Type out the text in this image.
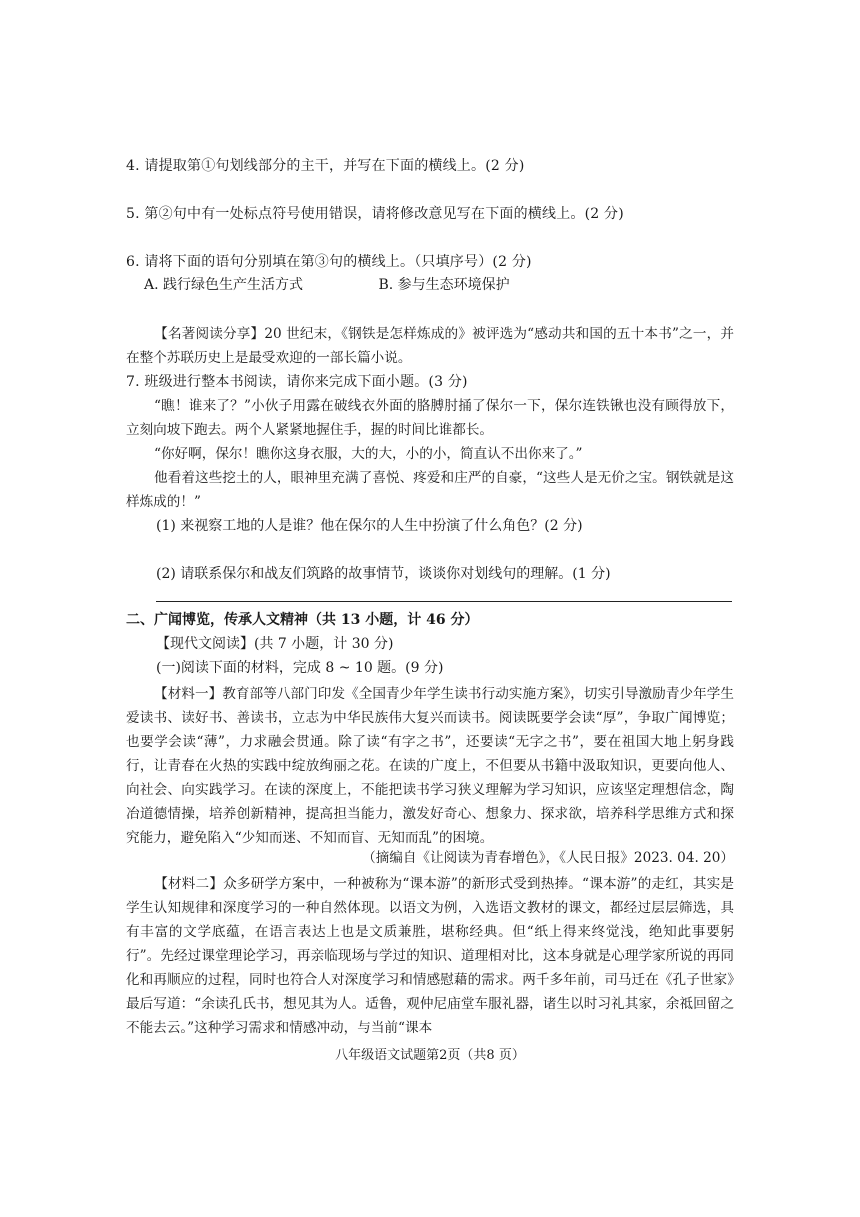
4. 请提取第①句划线部分的主干，并写在下面的横线上。(2 分)
5. 第②句中有一处标点符号使用错误，请将修改意见写在下面的横线上。(2 分)
6. 请将下面的语句分别填在第③句的横线上。（只填序号）(2 分)
A. 践行绿色生产生活方式	B. 参与生态环境保护
【名著阅读分享】20 世纪末，《钢铁是怎样炼成的》被评选为“感动共和国的五十本书”之一，并在整个苏联历史上是最受欢迎的一部长篇小说。
7. 班级进行整本书阅读，请你来完成下面小题。(3 分)
“瞧！谁来了？”小伙子用露在破线衣外面的胳膊肘捅了保尔一下，保尔连铁锹也没有顾得放下，立刻向坡下跑去。两个人紧紧地握住手，握的时间比谁都长。
“你好啊，保尔！瞧你这身衣服，大的大，小的小，简直认不出你来了。”
他看着这些挖土的人，眼神里充满了喜悦、疼爱和庄严的自豪，“这些人是无价之宝。钢铁就是这样炼成的！”
(1) 来视察工地的人是谁？他在保尔的人生中扮演了什么角色？(2 分)
(2) 请联系保尔和战友们筑路的故事情节，谈谈你对划线句的理解。(1 分)
二、广闻博览，传承人文精神（共 13 小题，计 46 分）
【现代文阅读】(共 7 小题，计 30 分)
(一)阅读下面的材料，完成 8 ~ 10 题。(9 分)
【材料一】教育部等八部门印发《全国青少年学生读书行动实施方案》，切实引导激励青少年学生爱读书、读好书、善读书，立志为中华民族伟大复兴而读书。阅读既要学会读“厚”，争取广闻博览；也要学会读“薄”，力求融会贯通。除了读“有字之书”，还要读“无字之书”，要在祖国大地上躬身践行，让青春在火热的实践中绽放绚丽之花。在读的广度上，不但要从书籍中汲取知识，更要向他人、向社会、向实践学习。在读的深度上，不能把读书学习狭义理解为学习知识，应该坚定理想信念，陶冶道德情操，培养创新精神，提高担当能力，激发好奇心、想象力、探求欲，培养科学思维方式和探究能力，避免陷入“少知而迷、不知而盲、无知而乱”的困境。
（摘编自《让阅读为青春增色》，《人民日报》2023. 04. 20）
【材料二】众多研学方案中，一种被称为“课本游”的新形式受到热捧。“课本游”的走红，其实是学生认知规律和深度学习的一种自然体现。以语文为例，入选语文教材的课文，都经过层层筛选，具有丰富的文学底蕴，在语言表达上也是文质兼胜，堪称经典。但“纸上得来终觉浅，绝知此事要躬行”。先经过课堂理论学习，再亲临现场与学过的知识、道理相对比，这本身就是心理学家所说的再同化和再顺应的过程，同时也符合人对深度学习和情感慰藉的需求。两千多年前，司马迁在《孔子世家》最后写道：“余读孔氏书，想见其为人。适鲁，观仲尼庙堂车服礼器，诸生以时习礼其家，余祗回留之不能去云。”这种学习需求和情感冲动，与当前“课本
八年级语文试题第2页（共8 页）
